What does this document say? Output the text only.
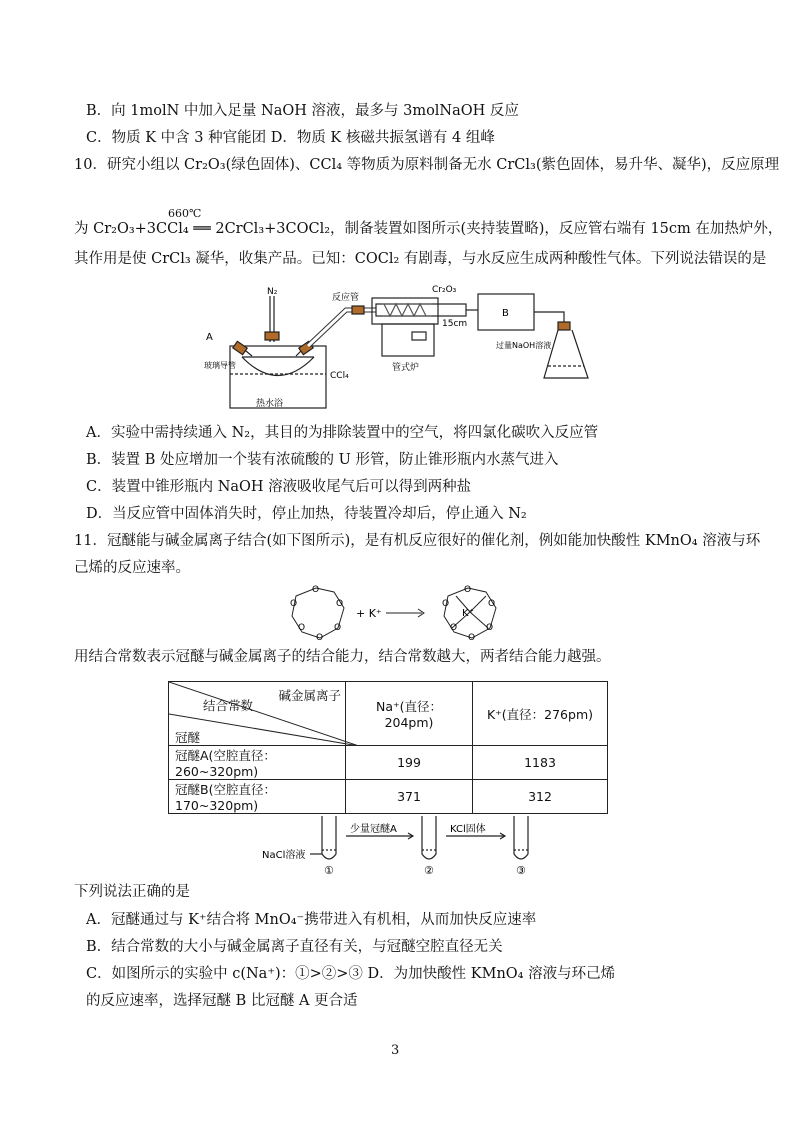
B．向 1molN 中加入足量 NaOH 溶液，最多与 3molNaOH 反应
C．物质 K 中含 3 种官能团 D．物质 K 核磁共振氢谱有 4 组峰
10．研究小组以 Cr₂O₃(绿色固体)、CCl₄ 等物质为原料制备无水 CrCl₃(紫色固体，易升华、凝华)，反应原理
660℃
为 Cr₂O₃+3CCl₄ ══ 2CrCl₃+3COCl₂，制备装置如图所示(夹持装置略)，反应管右端有 15cm 在加热炉外，
其作用是使 CrCl₃ 凝华，收集产品。已知：COCl₂ 有剧毒，与水反应生成两种酸性气体。下列说法错误的是
N₂
A
玻璃导管
热水浴
CCl₄
反应管
Cr₂O₃
15cm
管式炉
B
过量NaOH溶液
A．实验中需持续通入 N₂，其目的为排除装置中的空气，将四氯化碳吹入反应管
B．装置 B 处应增加一个装有浓硫酸的 U 形管，防止锥形瓶内水蒸气进入
C．装置中锥形瓶内 NaOH 溶液吸收尾气后可以得到两种盐
D．当反应管中固体消失时，停止加热，待装置冷却后，停止通入 N₂
11．冠醚能与碱金属离子结合(如下图所示)，是有机反应很好的催化剂，例如能加快酸性 KMnO₄ 溶液与环
己烯的反应速率。
O
O
O
O
O
O
O
O
O
O
O
O
+ K⁺	K⁺
用结合常数表示冠醚与碱金属离子的结合能力，结合常数越大，两者结合能力越强。
碱金属离子
结合常数
冠醚	Na⁺(直径：204pm)	K⁺(直径：276pm)
冠醚A(空腔直径：260~320pm)	199	1183
冠醚B(空腔直径：170~320pm)	371	312
少量冠醚A	KCl固体
NaCl溶液
①	②	③
下列说法正确的是
A．冠醚通过与 K⁺结合将 MnO₄⁻携带进入有机相，从而加快反应速率
B．结合常数的大小与碱金属离子直径有关，与冠醚空腔直径无关
C．如图所示的实验中 c(Na⁺)：①>②>③ D．为加快酸性 KMnO₄ 溶液与环己烯
的反应速率，选择冠醚 B 比冠醚 A 更合适
3
